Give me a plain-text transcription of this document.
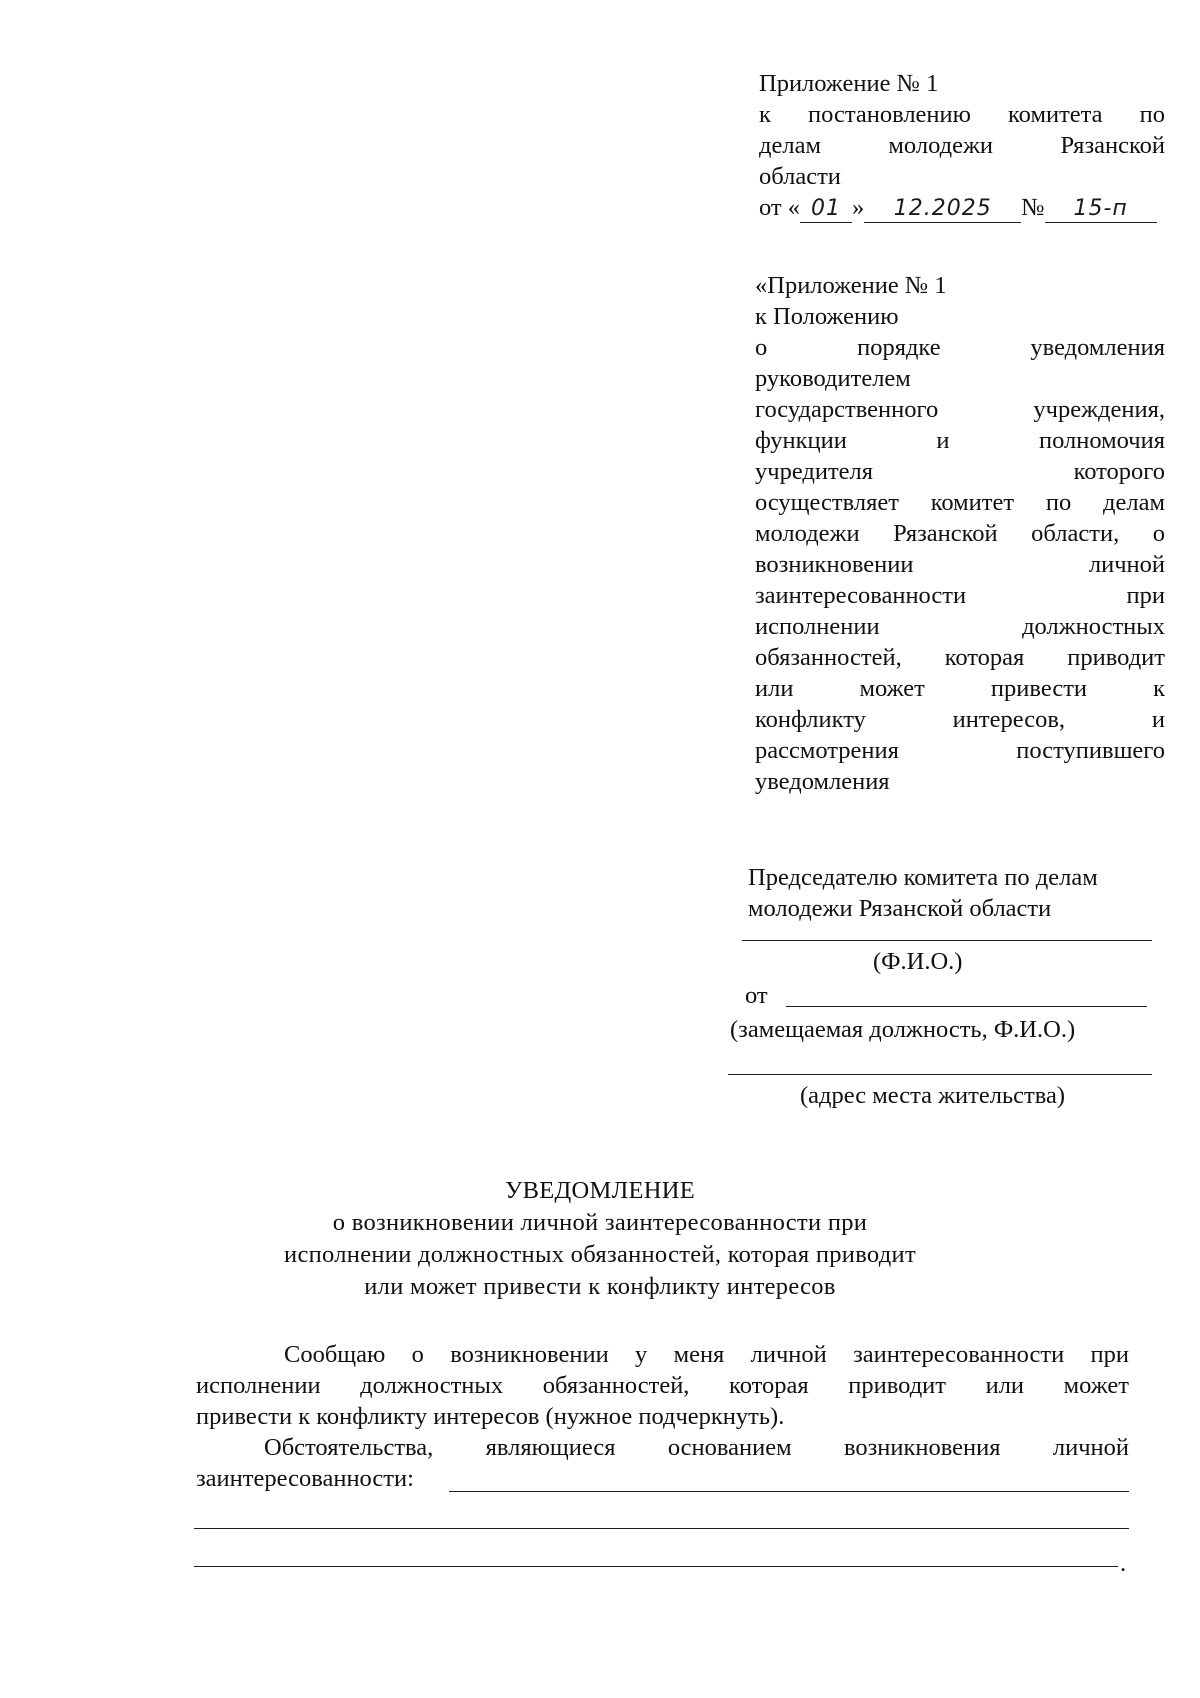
Приложение № 1
к постановлению комитета по
делам молодежи Рязанской
области
от « 01 »	12.2025	№	15-п
«Приложение № 1
к Положению
о порядке уведомления
руководителем
государственного учреждения,
функции и полномочия
учредителя которого
осуществляет комитет по делам
молодежи Рязанской области, о
возникновении личной
заинтересованности при
исполнении должностных
обязанностей, которая приводит
или может привести к
конфликту интересов, и
рассмотрения поступившего
уведомления
Председателю комитета по делам
молодежи Рязанской области
(Ф.И.О.)
от
(замещаемая должность, Ф.И.О.)
(адрес места жительства)
УВЕДОМЛЕНИЕ
о возникновении личной заинтересованности при
исполнении должностных обязанностей, которая приводит
или может привести к конфликту интересов
Сообщаю о возникновении у меня личной заинтересованности при
исполнении должностных обязанностей, которая приводит или может
привести к конфликту интересов (нужное подчеркнуть).
Обстоятельства, являющиеся основанием возникновения личной
заинтересованности:
.
